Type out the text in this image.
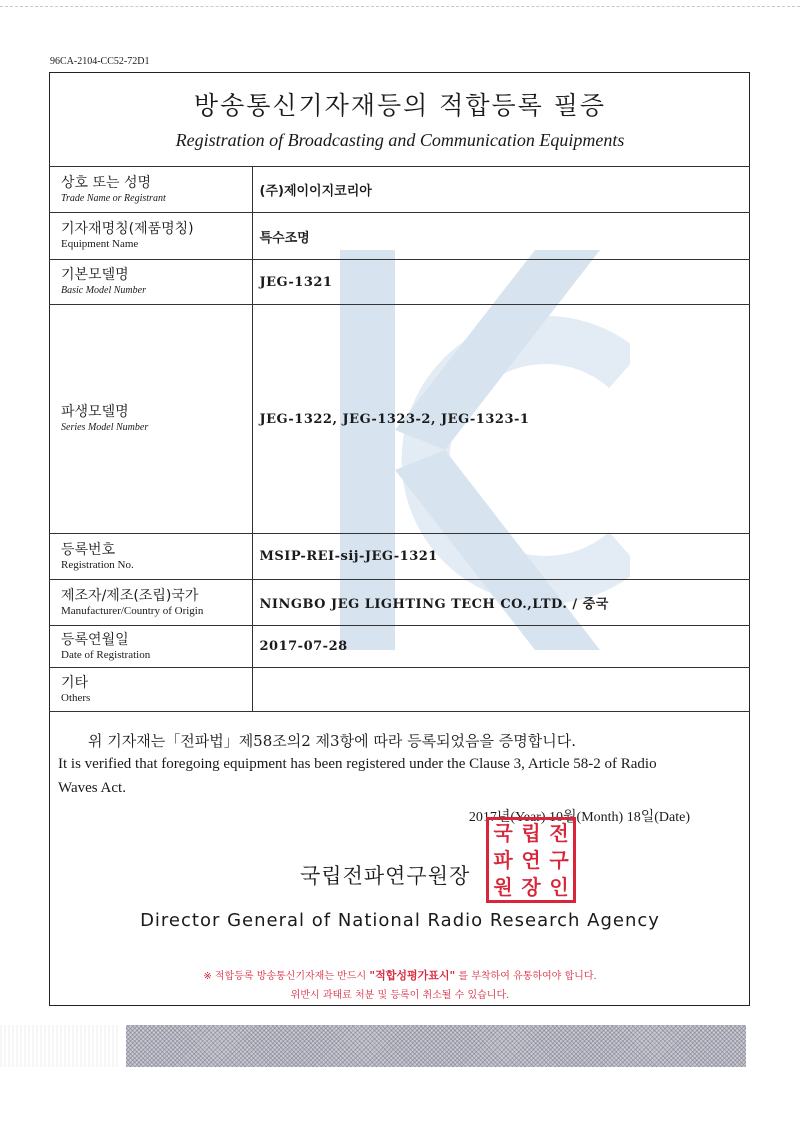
96CA-2104-CC52-72D1
방송통신기자재등의 적합등록 필증
Registration of Broadcasting and Communication Equipments
상호 또는 성명
Trade Name or Registrant	(주)제이이지코리아

기자재명칭(제품명칭)
Equipment Name	특수조명

기본모델명
Basic Model Number	JEG-1321

파생모델명
Series Model Number	JEG-1322, JEG-1323-2, JEG-1323-1

등록번호
Registration No.	MSIP-REI-sij-JEG-1321

제조자/제조(조립)국가
Manufacturer/Country of Origin	NINGBO JEG LIGHTING TECH CO.,LTD. / 중국

등록연월일
Date of Registration	2017-07-28

기타
Others	

위 기자재는「전파법」제58조의2 제3항에 따라 등록되었음을 증명합니다.
It is verified that foregoing equipment has been registered under the Clause 3, Article 58-2 of Radio Waves Act.
2017년(Year) 10월(Month) 18일(Date)
국 립 전
파 연 구
원 장 인
국립전파연구원장
Director General of National Radio Research Agency
※ 적합등록 방송통신기자재는 반드시 "적합성평가표시" 를 부착하여 유통하여야 합니다.
위반시 과태료 처분 및 등록이 취소될 수 있습니다.
